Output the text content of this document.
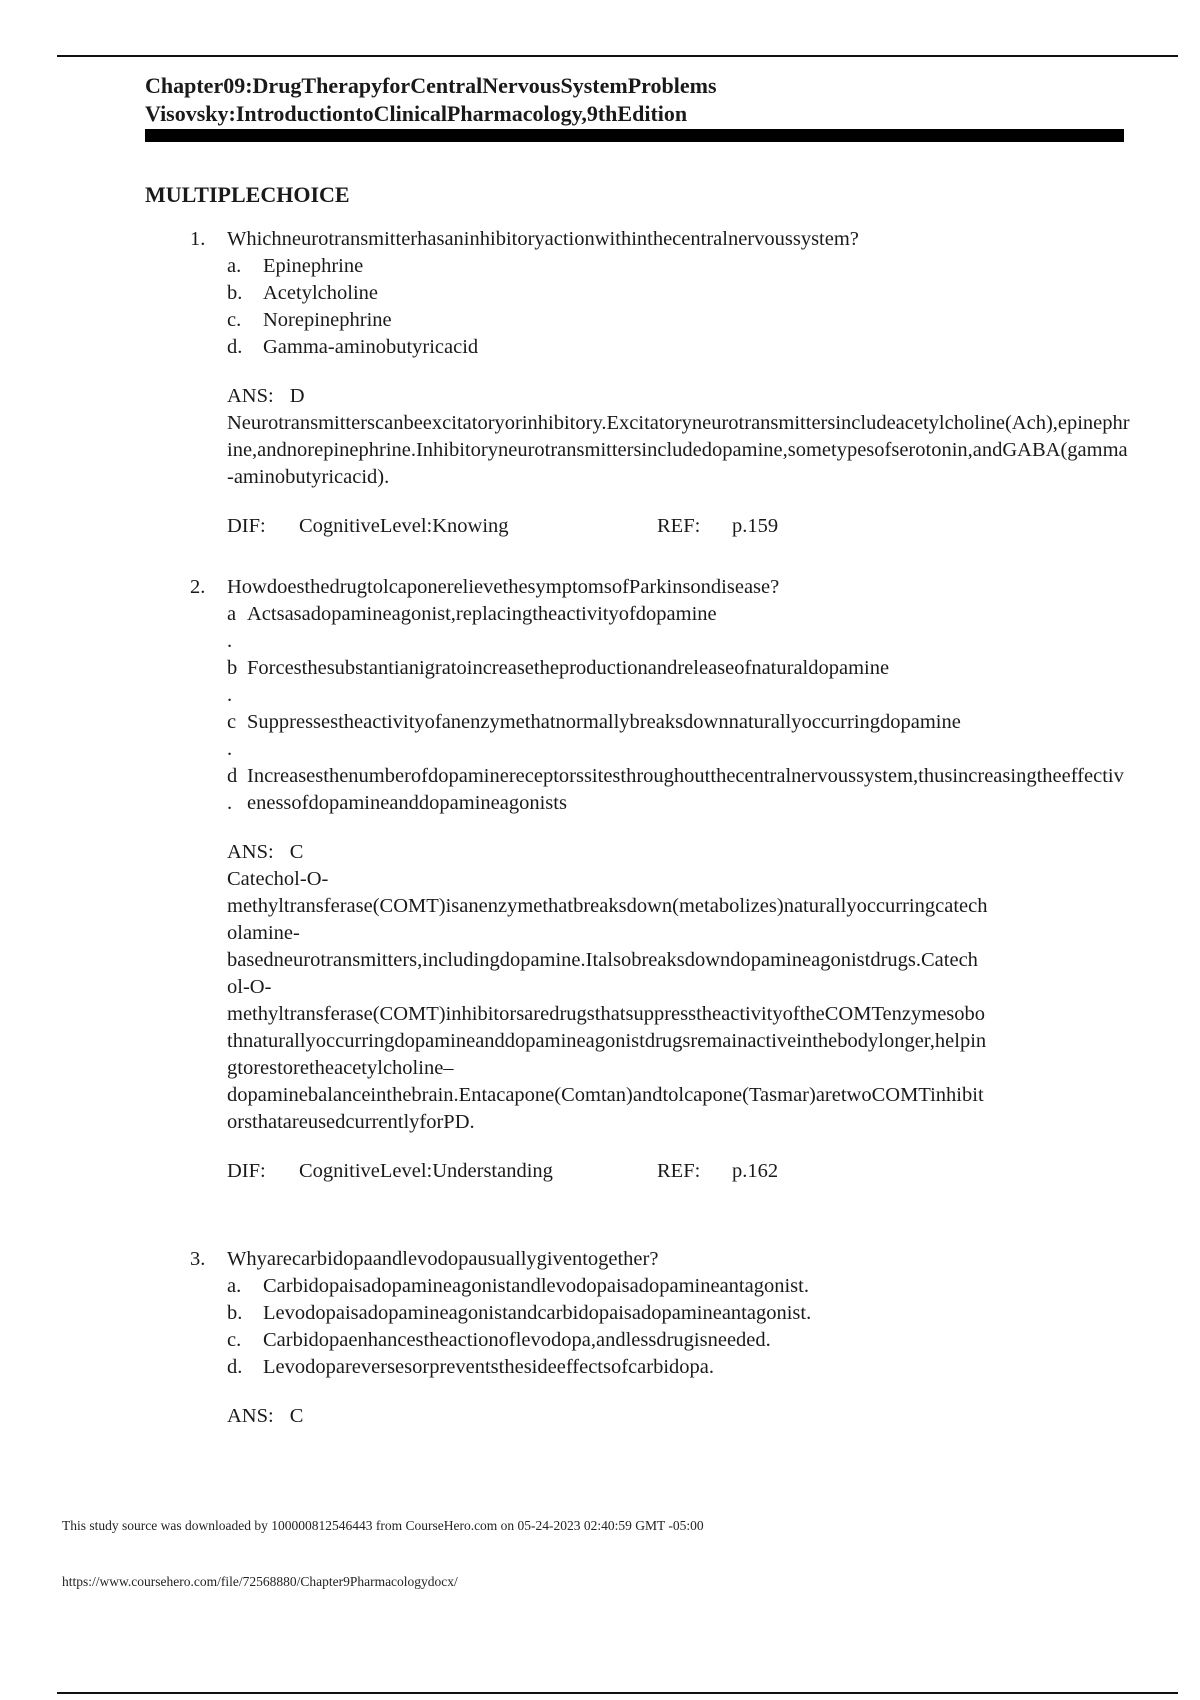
Chapter09:DrugTherapyforCentralNervousSystemProblems
Visovsky:IntroductiontoClinicalPharmacology,9thEdition
MULTIPLECHOICE
1. Whichneurotransmitterhasaninhibitoryactionwithinthecentralnervoussystem?
a.	Epinephrine
b.	Acetylcholine
c.	Norepinephrine
d.	Gamma-aminobutyricacid
ANS: D
Neurotransmitterscanbeexcitatoryorinhibitory.Excitatoryneurotransmittersincludeacetylcholine(Ach),epinephrine,andnorepinephrine.Inhibitoryneurotransmittersincludedopamine,sometypesofserotonin,andGABA(gamma-aminobutyricacid).
DIF: CognitiveLevel:Knowing	REF: p.159
2. HowdoesthedrugtolcaponerelievethesymptomsofParkinsondisease?
a
.
Actsasadopamineagonist,replacingtheactivityofdopamine
b
.
Forcesthesubstantianigratoincreasetheproductionandreleaseofnaturaldopamine
c
.
Suppressestheactivityofanenzymethatnormallybreaksdownnaturallyoccurringdopamine
d
.
Increasesthenumberofdopaminereceptorssitesthroughoutthecentralnervoussystem,thusincreasingtheeffectivenessofdopamineanddopamineagonists
ANS: C
Catechol-O-
methyltransferase(COMT)isanenzymethatbreaksdown(metabolizes)naturallyoccurringcatech
olamine-
basedneurotransmitters,includingdopamine.Italsobreaksdowndopamineagonistdrugs.Catech
ol-O-
methyltransferase(COMT)inhibitorsaredrugsthatsuppresstheactivityoftheCOMTenzymesobo
thnaturallyoccurringdopamineanddopamineagonistdrugsremainactiveinthebodylonger,helpin
gtorestoretheacetylcholine–
dopaminebalanceinthebrain.Entacapone(Comtan)andtolcapone(Tasmar)aretwoCOMTinhibit
orsthatareusedcurrentlyforPD.
DIF: CognitiveLevel:Understanding	REF: p.162
3. Whyarecarbidopaandlevodopausuallygiventogether?
a.	Carbidopaisadopamineagonistandlevodopaisadopamineantagonist.
b.	Levodopaisadopamineagonistandcarbidopaisadopamineantagonist.
c.	Carbidopaenhancestheactionoflevodopa,andlessdrugisneeded.
d.	Levodopareversesorpreventsthesideeffectsofcarbidopa.
ANS: C
This study source was downloaded by 100000812546443 from CourseHero.com on 05-24-2023 02:40:59 GMT -05:00
https://www.coursehero.com/file/72568880/Chapter9Pharmacologydocx/
